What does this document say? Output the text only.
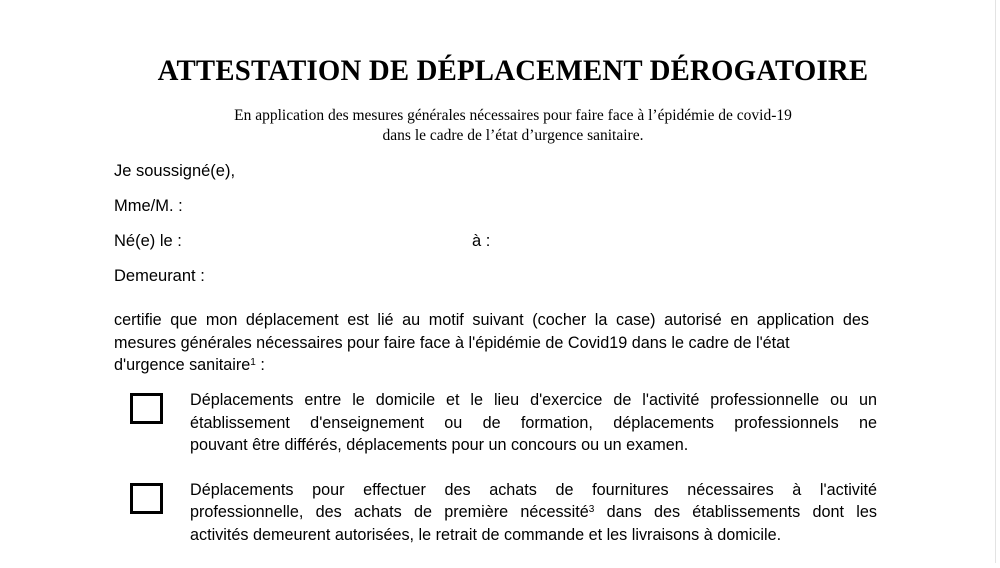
ATTESTATION DE DÉPLACEMENT DÉROGATOIRE
En application des mesures générales nécessaires pour faire face à l’épidémie de covid-19
dans le cadre de l’état d’urgence sanitaire.
Je soussigné(e),
Mme/M. :
Né(e) le :	à :
Demeurant :
certifie que mon déplacement est lié au motif suivant (cocher la case) autorisé en application des mesures générales nécessaires pour faire face à l'épidémie de Covid19 dans le cadre de l'état
d'urgence sanitaire$^1$ :
Déplacements entre le domicile et le lieu d'exercice de l'activité professionnelle ou un
établissement d'enseignement ou de formation, déplacements professionnels ne
pouvant être différés, déplacements pour un concours ou un examen.
Déplacements pour effectuer des achats de fournitures nécessaires à l'activité
professionnelle, des achats de première nécessité$^3$ dans des établissements dont les
activités demeurent autorisées, le retrait de commande et les livraisons à domicile.
